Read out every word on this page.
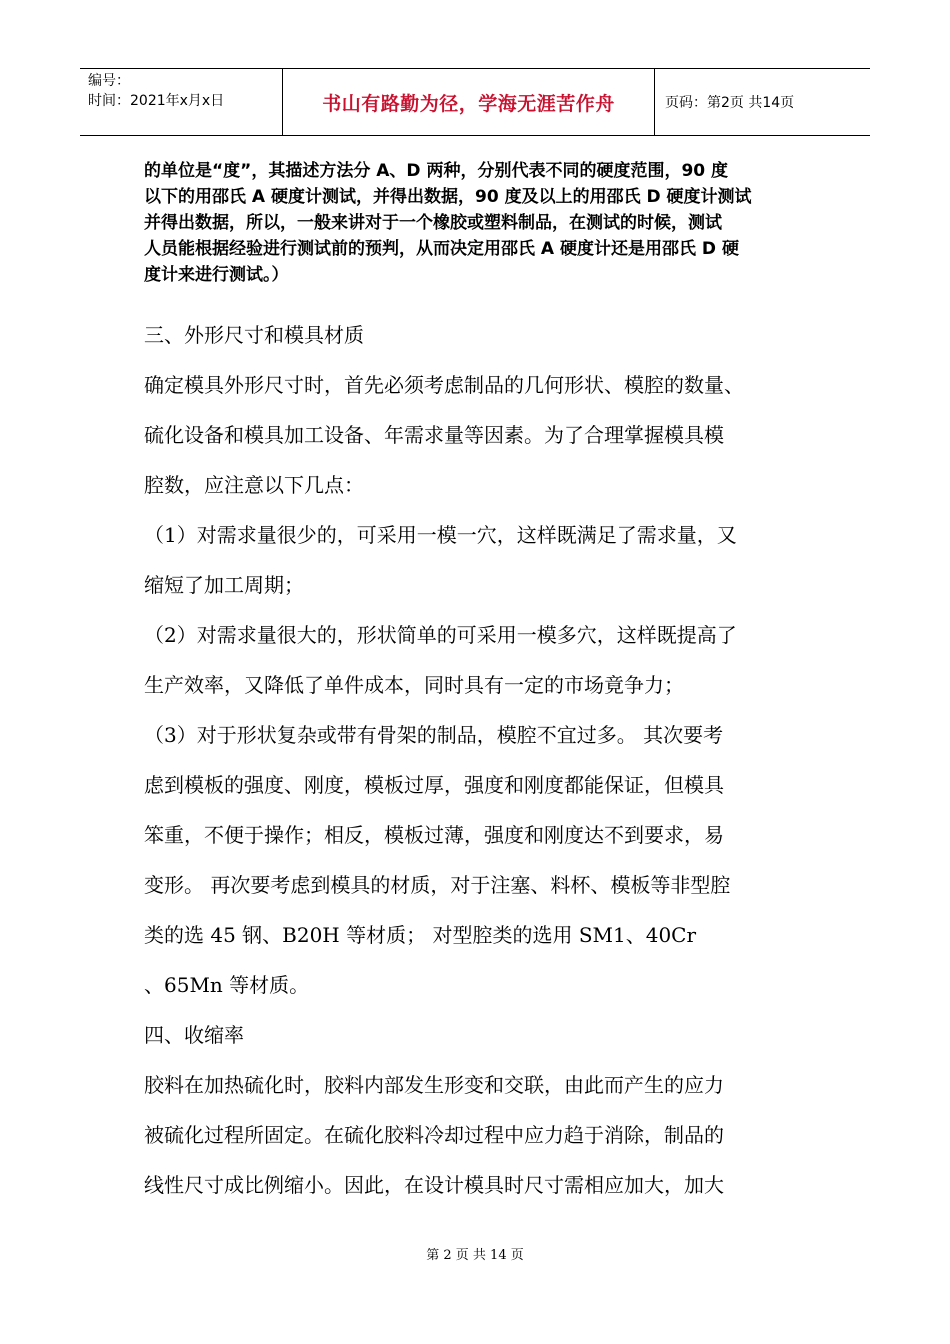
编号：
时间：2021年x月x日	书山有路勤为径，学海无涯苦作舟	页码：第2页 共14页
的单位是“度”，其描述方法分 A、D 两种，分别代表不同的硬度范围，90 度
以下的用邵氏 A 硬度计测试，并得出数据，90 度及以上的用邵氏 D 硬度计测试
并得出数据，所以，一般来讲对于一个橡胶或塑料制品，在测试的时候，测试
人员能根据经验进行测试前的预判，从而决定用邵氏 A 硬度计还是用邵氏 D 硬
度计来进行测试。）
三、外形尺寸和模具材质
确定模具外形尺寸时，首先必须考虑制品的几何形状、模腔的数量、
硫化设备和模具加工设备、年需求量等因素。为了合理掌握模具模
腔数，应注意以下几点：
（1）对需求量很少的，可采用一模一穴，这样既满足了需求量，又
缩短了加工周期；
（2）对需求量很大的，形状简单的可采用一模多穴，这样既提高了
生产效率，又降低了单件成本，同时具有一定的市场竟争力；
（3）对于形状复杂或带有骨架的制品，模腔不宜过多。 其次要考
虑到模板的强度、刚度，模板过厚，强度和刚度都能保证，但模具
笨重，不便于操作；相反，模板过薄，强度和刚度达不到要求，易
变形。 再次要考虑到模具的材质，对于注塞、料杯、模板等非型腔
类的选 45 钢、B20H 等材质； 对型腔类的选用 SM1、40Cr
、65Mn 等材质。
四、收缩率
胶料在加热硫化时，胶料内部发生形变和交联，由此而产生的应力
被硫化过程所固定。在硫化胶料冷却过程中应力趋于消除，制品的
线性尺寸成比例缩小。因此，在设计模具时尺寸需相应加大，加大
第 2 页 共 14 页
